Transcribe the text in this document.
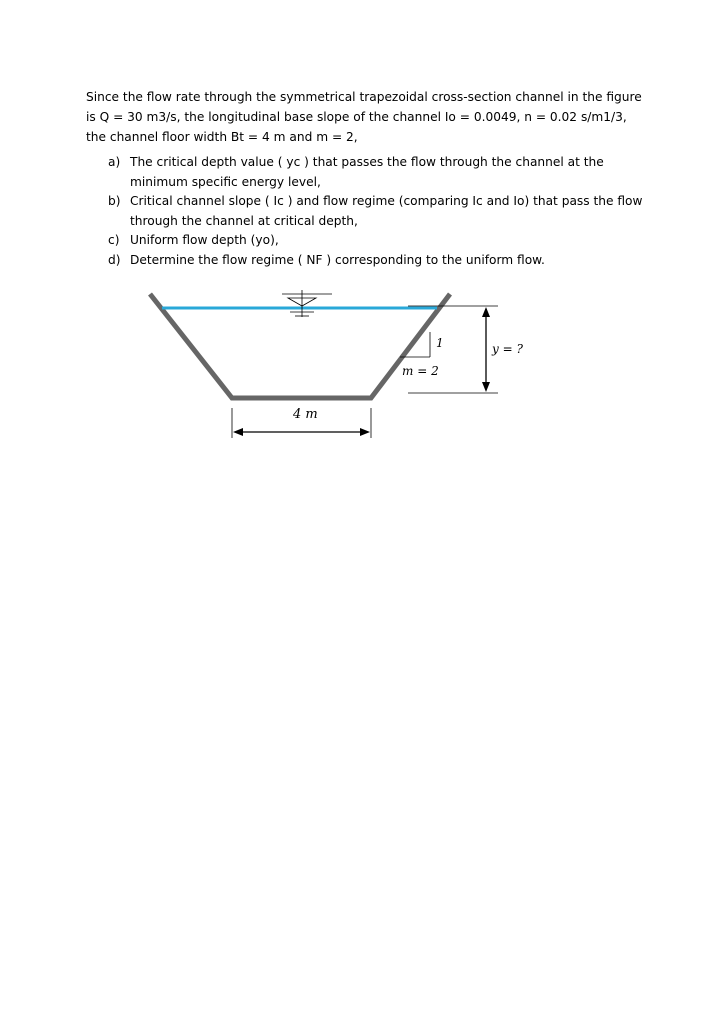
Since the flow rate through the symmetrical trapezoidal cross-section channel in the figure is Q = 30 m3/s, the longitudinal base slope of the channel Io = 0.0049, n = 0.02 s/m1/3, the channel floor width Bt = 4 m and m = 2,

a) The critical depth value ( yc ) that passes the flow through the channel at the minimum specific energy level,
b) Critical channel slope ( Ic ) and flow regime (comparing Ic and Io) that pass the flow through the channel at critical depth,
c) Uniform flow depth (yo),
d) Determine the flow regime ( NF ) corresponding to the uniform flow.
1
m = 2
y = ?
4 m
